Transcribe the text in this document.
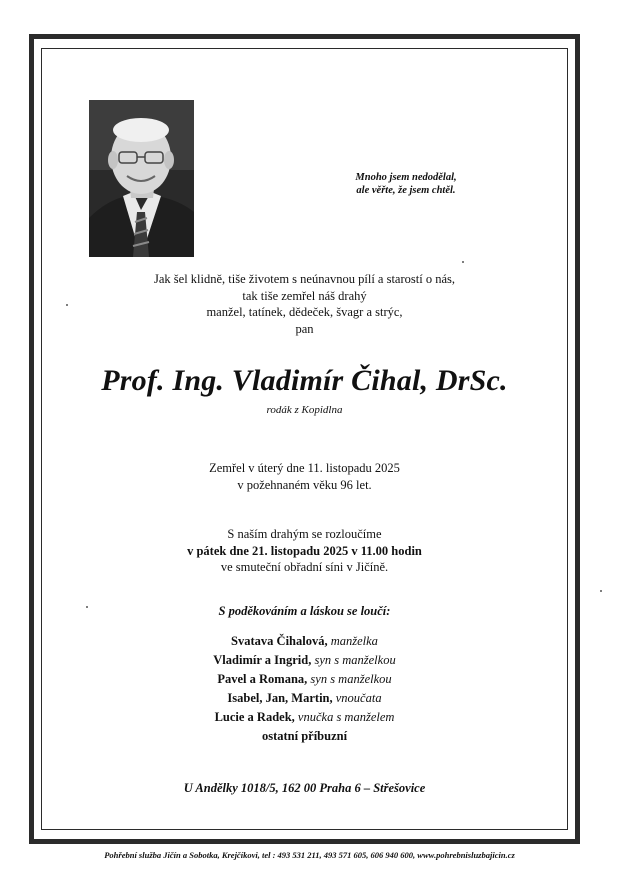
Mnoho jsem nedodělal,
ale věřte, že jsem chtěl.
Jak šel klidně, tiše životem s neúnavnou pílí a starostí o nás,
tak tiše zemřel náš drahý
manžel, tatínek, dědeček, švagr a strýc,
pan
Prof. Ing. Vladimír Čihal, DrSc.
rodák z Kopidlna
Zemřel v úterý dne 11. listopadu 2025
v požehnaném věku 96 let.
S naším drahým se rozloučíme
v pátek dne 21. listopadu 2025 v 11.00 hodin
ve smuteční obřadní síni v Jičíně.
S poděkováním a láskou se loučí:
Svatava Čihalová, manželka
Vladimír a Ingrid, syn s manželkou
Pavel a Romana, syn s manželkou
Isabel, Jan, Martin, vnoučata
Lucie a Radek, vnučka s manželem
ostatní příbuzní
U Andělky 1018/5, 162 00 Praha 6 – Střešovice
Pohřební služba Jičín a Sobotka, Krejčíkovi, tel : 493 531 211, 493 571 605, 606 940 600, www.pohrebnisluzbajicin.cz
